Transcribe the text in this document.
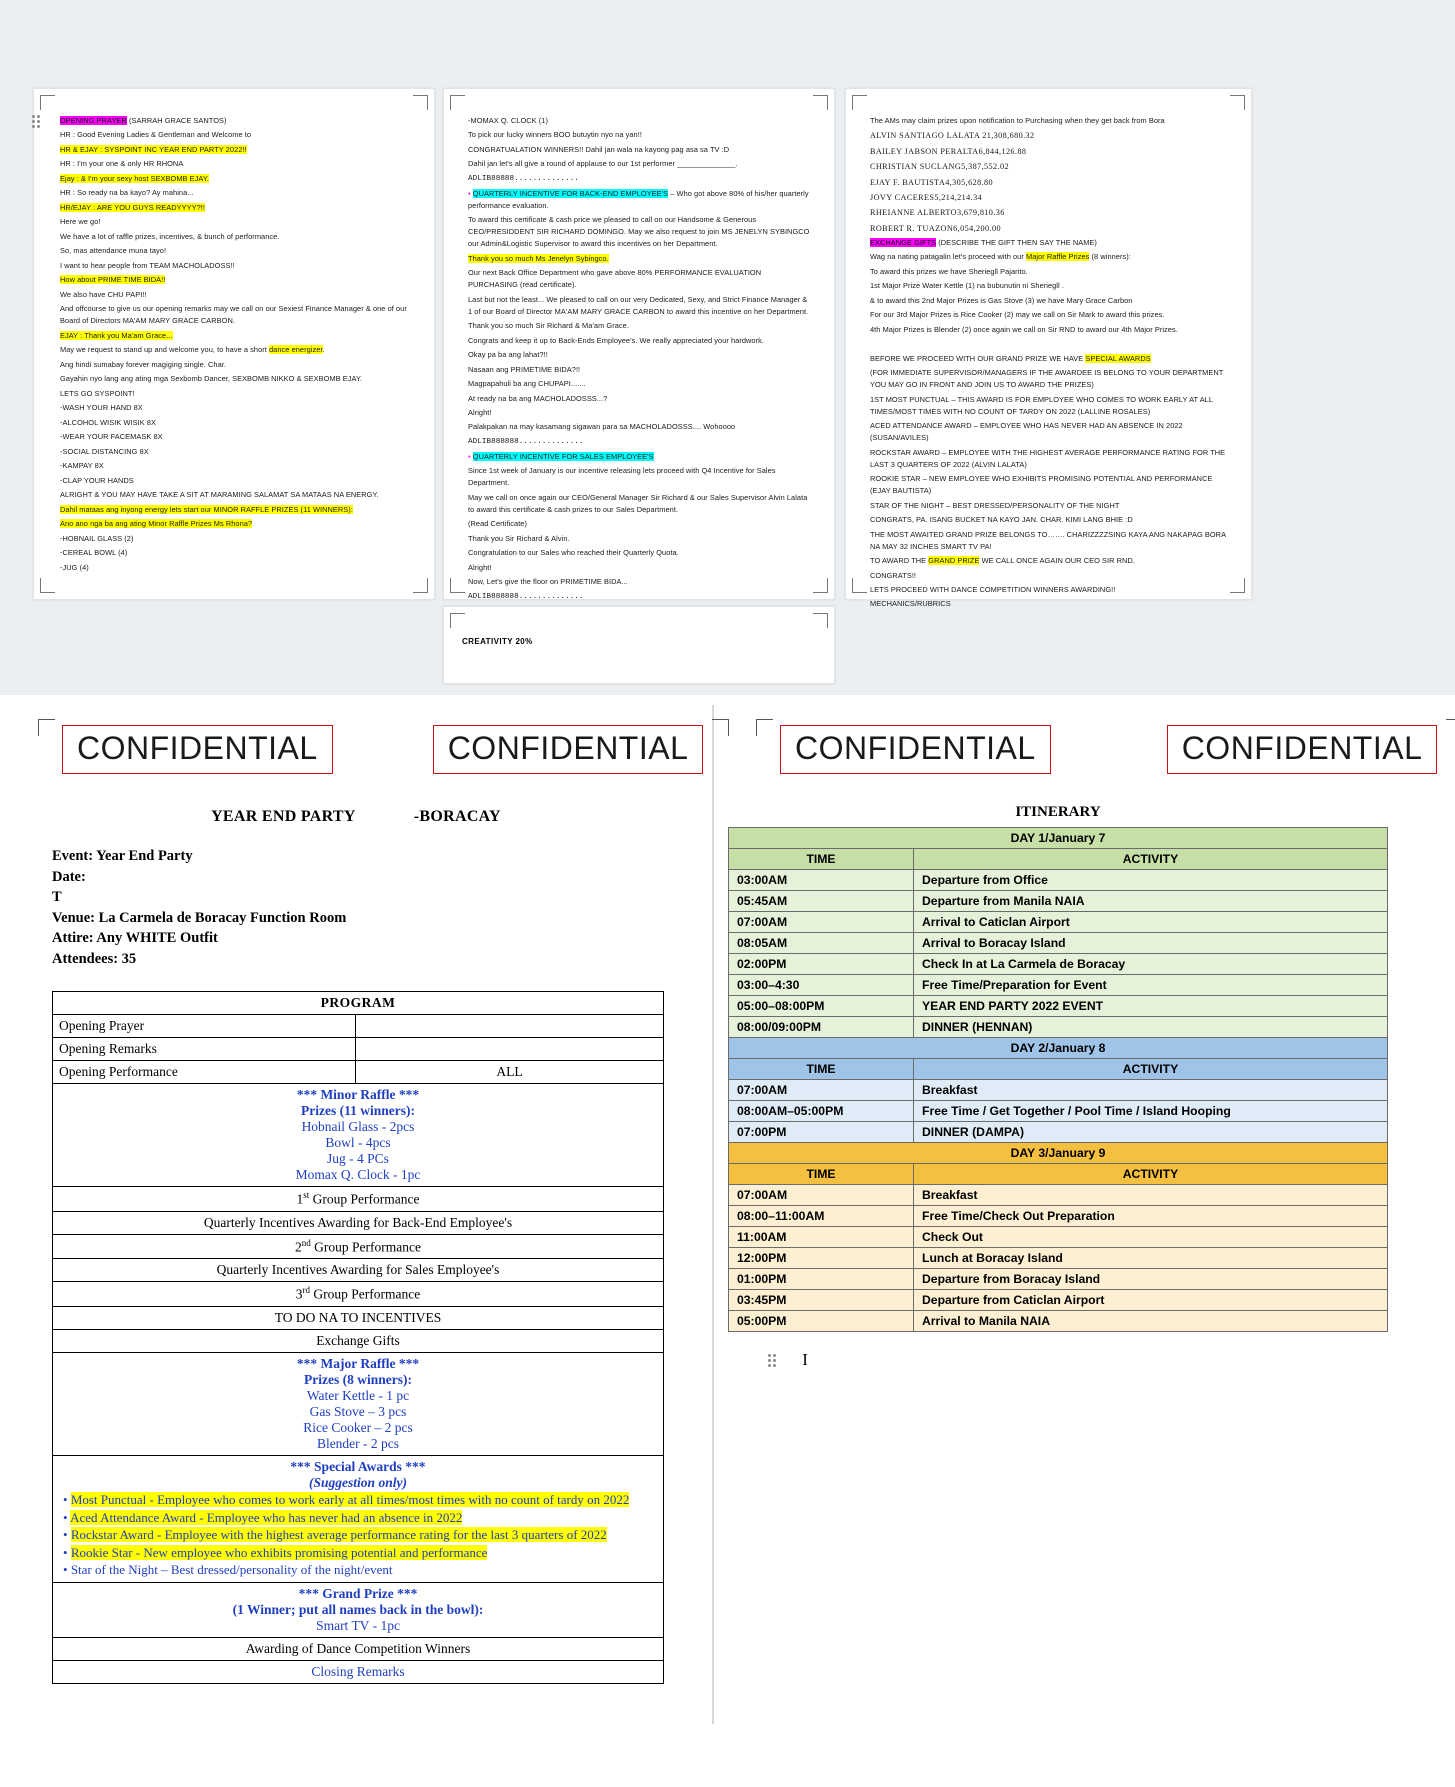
OPENING PRAYER (SARRAH GRACE SANTOS)

HR : Good Evening Ladies & Gentleman and Welcome to

HR & EJAY : SYSPOINT INC YEAR END PARTY 2022!!

HR : I'm your one & only HR RHONA

Ejay : & I'm your sexy host SEXBOMB EJAY.

HR : So ready na ba kayo? Ay mahina...

HR/EJAY : ARE YOU GUYS READYYYY?!!

Here we go!

We have a lot of raffle prizes, incentives, & bunch of performance.

So, mas attendance muna tayo!

I want to hear people from TEAM MACHOLADOSS!!

How about PRIME TIME BIDA!!

We also have CHU PAPI!!

And offcourse to give us our opening remarks may we call on our Sexiest Finance Manager & one of our Board of Directors MA'AM MARY GRACE CARBON.

EJAY : Thank you Ma'am Grace...

May we request to stand up and welcome you, to have a short dance energizer.

Ang hindi sumabay forever magiging single. Char.

Gayahin nyo lang ang ating mga Sexbomb Dancer, SEXBOMB NIKKO & SEXBOMB EJAY.

LETS GO SYSPOINT!

-WASH YOUR HAND 8X

-ALCOHOL WISIK WISIK 8X

-WEAR YOUR FACEMASK 8X

-SOCIAL DISTANCING 8X

-KAMPAY 8X

-CLAP YOUR HANDS

ALRIGHT & YOU MAY HAVE TAKE A SIT AT MARAMING SALAMAT SA MATAAS NA ENERGY.

Dahil mataas ang inyong energy lets start our MINOR RAFFLE PRIZES (11 WINNERS):

Ano ano nga ba ang ating Minor Raffle Prizes Ms Rhona?

-HOBNAIL GLASS (2)

-CEREAL BOWL (4)

-JUG (4)

-MOMAX Q. CLOCK (1)

To pick our lucky winners BOO butuytin nyo na yan!!

CONGRATUALATION WINNERS!! Dahil jan wala na kayong pag asa sa TV :D

Dahil jan let's all give a round of applause to our 1st performer ______________.

ADLIB88888..............

• QUARTERLY INCENTIVE FOR BACK-END EMPLOYEE'S – Who got above 80% of his/her quarterly performance evaluation.

To award this certificate & cash price we pleased to call on our Handsome & Generous CEO/PRESIDDENT SIR RICHARD DOMINGO. May we also request to join MS JENELYN SYBINGCO our Admin&Logistic Supervisor to award this incentives on her Department.

Thank you so much Ms Jenelyn Sybingco.

Our next Back Office Department who gave above 80% PERFORMANCE EVALUATION PURCHASING (read certificate).

Last but not the least... We pleased to call on our very Dedicated, Sexy, and Strict Finance Manager & 1 of our Board of Director MA'AM MARY GRACE CARBON to award this incentive on her Department.

Thank you so much Sir Richard & Ma'am Grace.

Congrats and keep it up to Back-Ends Employee's. We really appreciated your hardwork.

Okay pa ba ang lahat?!!

Nasaan ang PRIMETIME BIDA?!!

Magpapahuli ba ang CHUPAPI.......

At ready na ba ang MACHOLADOSSS...?

Alright!

Palakpakan na may kasamang sigawan para sa MACHOLADOSSS.... Wohoooo

ADLIB888888..............

• QUARTERLY INCENTIVE FOR SALES EMPLOYEE'S

Since 1st week of January is our incentive releasing lets proceed with Q4 Incentive for Sales Department.

May we call on once again our CEO/General Manager Sir Richard & our Sales Supervisor Alvin Lalata to award this certificate & cash prizes to our Sales Department.

(Read Certificate)

Thank you Sir Richard & Alvin.

Congratulation to our Sales who reached their Quarterly Quota.

Alright!

Now, Let's give the floor on PRIMETIME BIDA...

ADLIB888888..............

CREATIVITY 20%

The AMs may claim prizes upon notification to Purchasing when they get back from Bora

ALVIN SANTIAGO LALATA 21,308,680.32

BAILEY JABSON PERALTA6,844,126.88

CHRISTIAN SUCLANG5,387,552.02

EJAY F. BAUTISTA4,305,628.80

JOVY CACERES5,214,214.34

RHEIANNE ALBERTO3,679,810.36

ROBERT R. TUAZON6,054,200.00

EXCHANGE GIFTS (DESCRIBE THE GIFT THEN SAY THE NAME)

Wag na nating patagalin let's proceed with our Major Raffle Prizes (8 winners):

To award this prizes we have Sheriegll Pajarito.

1st Major Prize Water Kettle (1) na bubunutin ni Sheriegll .

& to award this 2nd Major Prizes is Gas Stove (3) we have Mary Grace Carbon

For our 3rd Major Prizes is Rice Cooker (2) may we call on Sir Mark to award this prizes.

4th Major Prizes is Blender (2) once again we call on Sir RND to award our 4th Major Prizes.

BEFORE WE PROCEED WITH OUR GRAND PRIZE WE HAVE SPECIAL AWARDS

(FOR IMMEDIATE SUPERVISOR/MANAGERS IF THE AWARDEE IS BELONG TO YOUR DEPARTMENT YOU MAY GO IN FRONT AND JOIN US TO AWARD THE PRIZES)

1ST MOST PUNCTUAL – THIS AWARD IS FOR EMPLOYEE WHO COMES TO WORK EARLY AT ALL TIMES/MOST TIMES WITH NO COUNT OF TARDY ON 2022 (LALLINE ROSALES)

ACED ATTENDANCE AWARD – EMPLOYEE WHO HAS NEVER HAD AN ABSENCE IN 2022 (SUSAN/AVILES)

ROCKSTAR AWARD – EMPLOYEE WITH THE HIGHEST AVERAGE PERFORMANCE RATING FOR THE LAST 3 QUARTERS OF 2022 (ALVIN LALATA)

ROOKIE STAR – NEW EMPLOYEE WHO EXHIBITS PROMISING POTENTIAL AND PERFORMANCE (EJAY BAUTISTA)

STAR OF THE NIGHT – BEST DRESSED/PERSONALITY OF THE NIGHT

CONGRATS, PA. ISANG BUCKET NA KAYO JAN. CHAR. KIMI LANG BHIE :D

THE MOST AWAITED GRAND PRIZE BELONGS TO……. CHARIZZZZSING KAYA ANG NAKAPAG BORA NA MAY 32 INCHES SMART TV PA!

TO AWARD THE GRAND PRIZE WE CALL ONCE AGAIN OUR CEO SIR RND.

CONGRATS!!

LETS PROCEED WITH DANCE COMPETITION WINNERS AWARDING!!

MECHANICS/RUBRICS

CONFIDENTIAL	CONFIDENTIAL
YEAR END PARTY	-BORACAY
Event: Year End Party
Date:
T
Venue: La Carmela de Boracay Function Room
Attire: Any WHITE Outfit
Attendees: 35
PROGRAM	
Opening Prayer	
Opening Remarks	
Opening Performance	ALL

*** Minor Raffle ***
Prizes (11 winners):
Hobnail Glass - 2pcs
Bowl - 4pcs
Jug - 4 PCs
Momax Q. Clock - 1pc

1st Group Performance	
Quarterly Incentives Awarding for Back-End Employee's	
2nd Group Performance	
Quarterly Incentives Awarding for Sales Employee's	
3rd Group Performance	
TO DO NA TO INCENTIVES	
Exchange Gifts	

*** Major Raffle ***
Prizes (8 winners):
Water Kettle - 1 pc
Gas Stove – 3 pcs
Rice Cooker – 2 pcs
Blender - 2 pcs

*** Special Awards ***
(Suggestion only)
• Most Punctual - Employee who comes to work early at all times/most times with no count of tardy on 2022
• Aced Attendance Award - Employee who has never had an absence in 2022
• Rockstar Award - Employee with the highest average performance rating for the last 3 quarters of 2022
• Rookie Star - New employee who exhibits promising potential and performance
• Star of the Night – Best dressed/personality of the night/event

*** Grand Prize ***
(1 Winner; put all names back in the bowl):
Smart TV - 1pc	

Awarding of Dance Competition Winners	
Closing Remarks	
CONFIDENTIAL	CONFIDENTIAL
ITINERARY
DAY 1/January 7	
TIME	ACTIVITY
03:00AM	Departure from Office
05:45AM	Departure from Manila NAIA
07:00AM	Arrival to Caticlan Airport
08:05AM	Arrival to Boracay Island
02:00PM	Check In at La Carmela de Boracay
03:00–4:30	Free Time/Preparation for Event
05:00–08:00PM	YEAR END PARTY 2022 EVENT
08:00/09:00PM	DINNER (HENNAN)
DAY 2/January 8	
TIME	ACTIVITY
07:00AM	Breakfast
08:00AM–05:00PM	Free Time / Get Together / Pool Time / Island Hooping
07:00PM	DINNER (DAMPA)
DAY 3/January 9	
TIME	ACTIVITY
07:00AM	Breakfast
08:00–11:00AM	Free Time/Check Out Preparation
11:00AM	Check Out
12:00PM	Lunch at Boracay Island
01:00PM	Departure from Boracay Island
03:45PM	Departure from Caticlan Airport
05:00PM	Arrival to Manila NAIA
I
